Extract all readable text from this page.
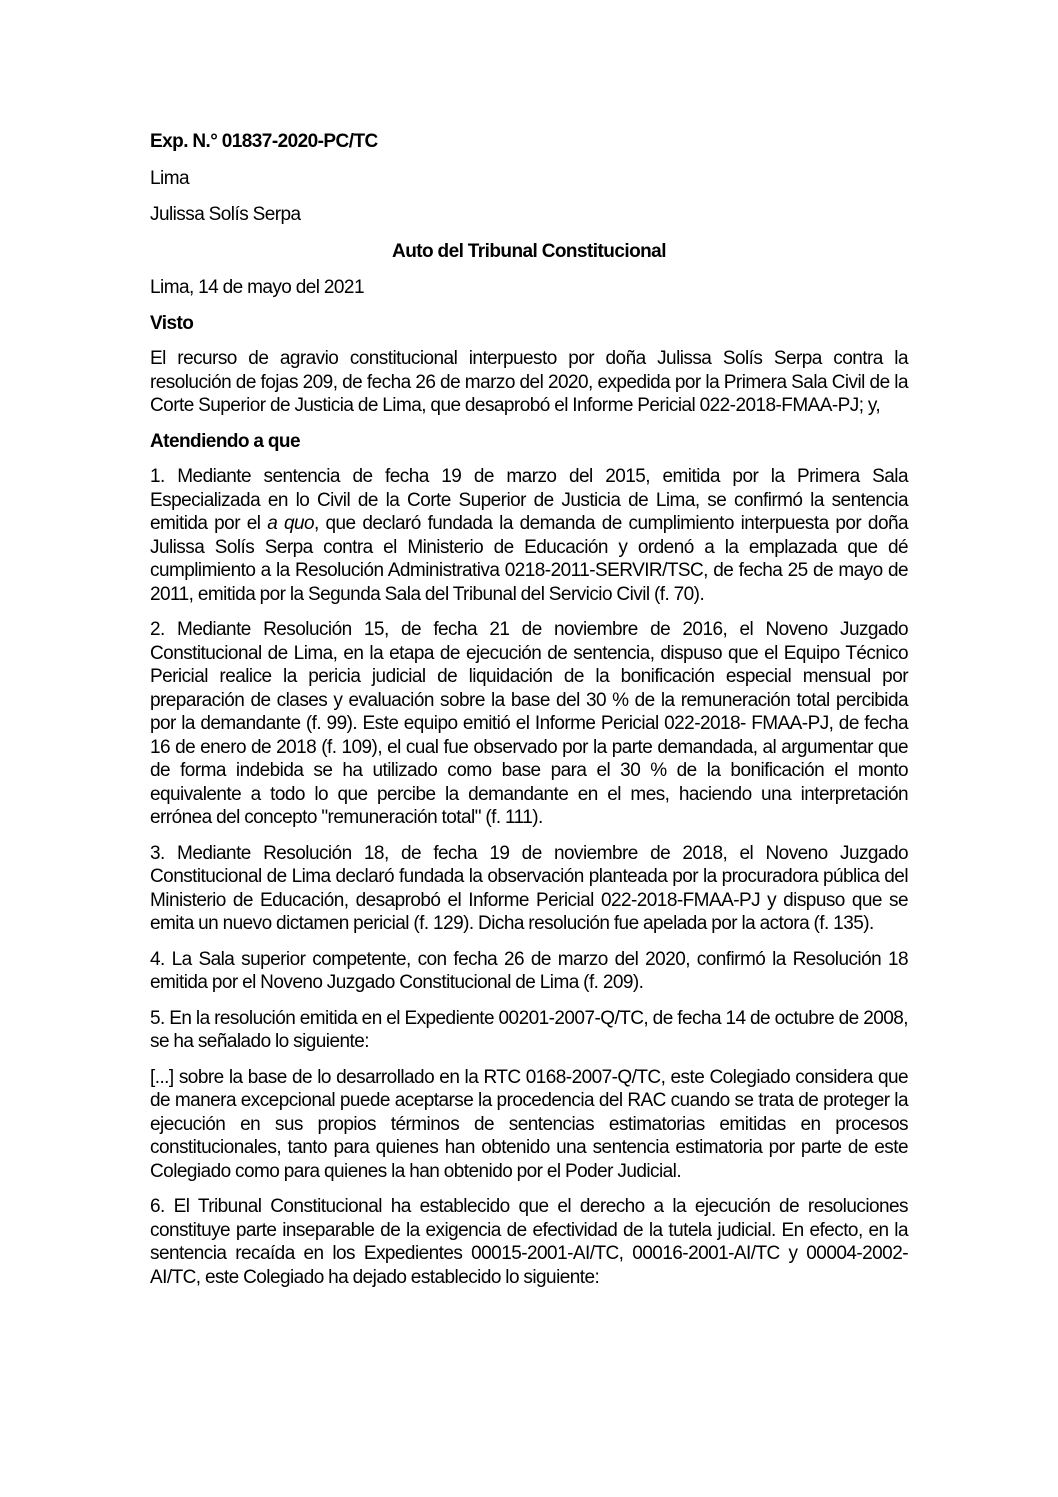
Exp. N.° 01837-2020-PC/TC

Lima

Julissa Solís Serpa

Auto del Tribunal Constitucional

Lima, 14 de mayo del 2021

Visto

El recurso de agravio constitucional interpuesto por doña Julissa Solís Serpa contra la resolución de fojas 209, de fecha 26 de marzo del 2020, expedida por la Primera Sala Civil de la Corte Superior de Justicia de Lima, que desaprobó el Informe Pericial 022-2018-FMAA-PJ; y,

Atendiendo a que

1. Mediante sentencia de fecha 19 de marzo del 2015, emitida por la Primera Sala Especializada en lo Civil de la Corte Superior de Justicia de Lima, se confirmó la sentencia emitida por el a quo, que declaró fundada la demanda de cumplimiento interpuesta por doña Julissa Solís Serpa contra el Ministerio de Educación y ordenó a la emplazada que dé cumplimiento a la Resolución Administrativa 0218-2011-SERVIR/TSC, de fecha 25 de mayo de 2011, emitida por la Segunda Sala del Tribunal del Servicio Civil (f. 70).

2. Mediante Resolución 15, de fecha 21 de noviembre de 2016, el Noveno Juzgado Constitucional de Lima, en la etapa de ejecución de sentencia, dispuso que el Equipo Técnico Pericial realice la pericia judicial de liquidación de la bonificación especial mensual por preparación de clases y evaluación sobre la base del 30 % de la remuneración total percibida por la demandante (f. 99). Este equipo emitió el Informe Pericial 022-2018- FMAA-PJ, de fecha 16 de enero de 2018 (f. 109), el cual fue observado por la parte demandada, al argumentar que de forma indebida se ha utilizado como base para el 30 % de la bonificación el monto equivalente a todo lo que percibe la demandante en el mes, haciendo una interpretación errónea del concepto "remuneración total" (f. 111).

3. Mediante Resolución 18, de fecha 19 de noviembre de 2018, el Noveno Juzgado Constitucional de Lima declaró fundada la observación planteada por la procuradora pública del Ministerio de Educación, desaprobó el Informe Pericial 022-2018-FMAA-PJ y dispuso que se emita un nuevo dictamen pericial (f. 129). Dicha resolución fue apelada por la actora (f. 135).

4. La Sala superior competente, con fecha 26 de marzo del 2020, confirmó la Resolución 18 emitida por el Noveno Juzgado Constitucional de Lima (f. 209).

5. En la resolución emitida en el Expediente 00201-2007-Q/TC, de fecha 14 de octubre de 2008, se ha señalado lo siguiente:

[...] sobre la base de lo desarrollado en la RTC 0168-2007-Q/TC, este Colegiado considera que de manera excepcional puede aceptarse la procedencia del RAC cuando se trata de proteger la ejecución en sus propios términos de sentencias estimatorias emitidas en procesos constitucionales, tanto para quienes han obtenido una sentencia estimatoria por parte de este Colegiado como para quienes la han obtenido por el Poder Judicial.

6. El Tribunal Constitucional ha establecido que el derecho a la ejecución de resoluciones constituye parte inseparable de la exigencia de efectividad de la tutela judicial. En efecto, en la sentencia recaída en los Expedientes 00015-2001-AI/TC, 00016-2001-AI/TC y 00004-2002-AI/TC, este Colegiado ha dejado establecido lo siguiente:
